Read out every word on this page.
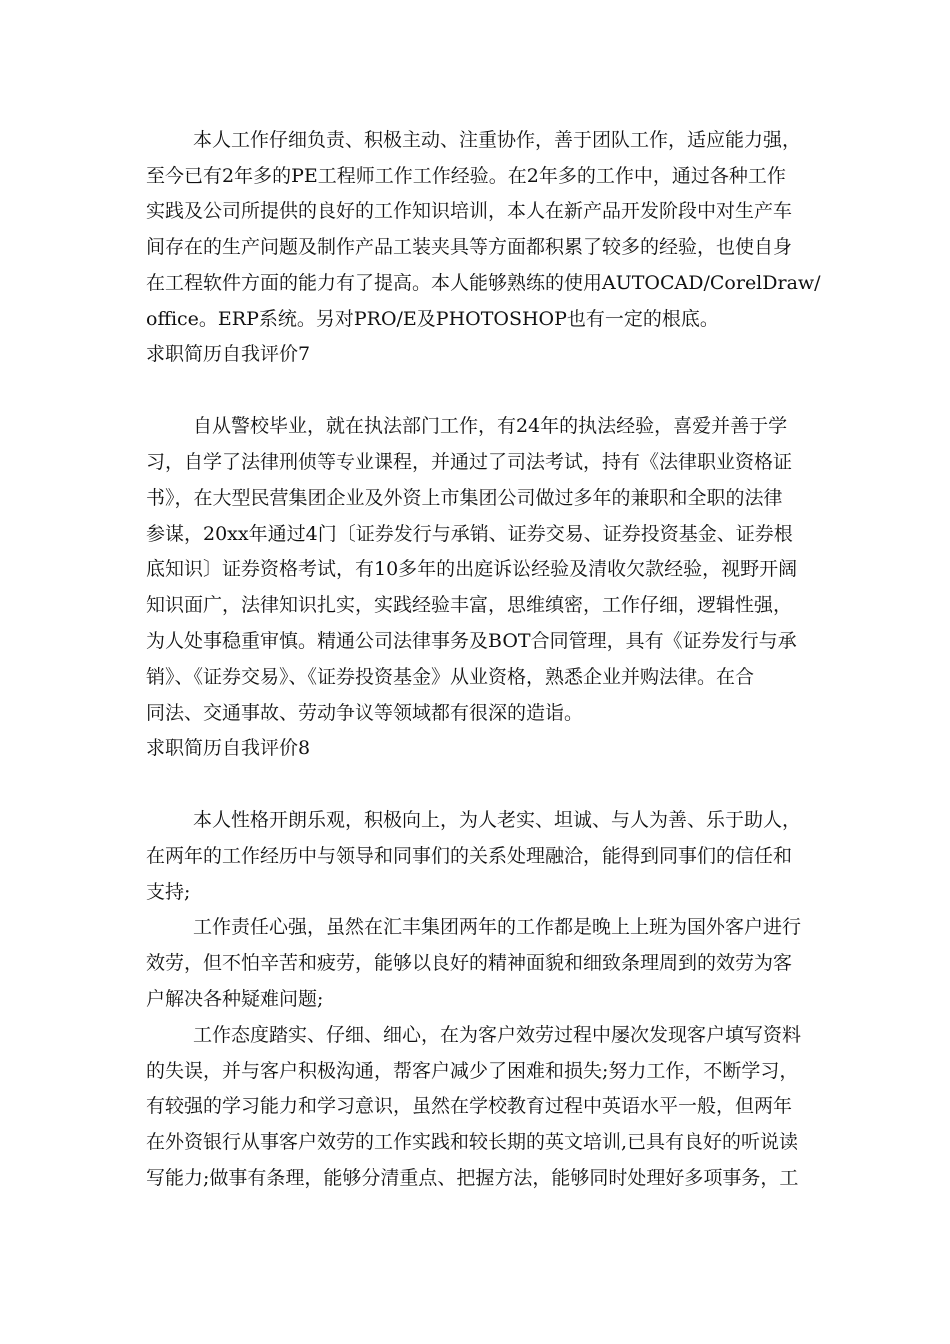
本人工作仔细负责、积极主动、注重协作，善于团队工作，适应能力强，

至今已有2年多的PE工程师工作工作经验。在2年多的工作中，通过各种工作

实践及公司所提供的良好的工作知识培训，本人在新产品开发阶段中对生产车

间存在的生产问题及制作产品工装夹具等方面都积累了较多的经验，也使自身

在工程软件方面的能力有了提高。本人能够熟练的使用AUTOCAD/CorelDraw/

office。ERP系统。另对PRO/E及PHOTOSHOP也有一定的根底。

求职简历自我评价7

自从警校毕业，就在执法部门工作，有24年的执法经验，喜爱并善于学

习，自学了法律刑侦等专业课程，并通过了司法考试，持有《法律职业资格证

书》，在大型民营集团企业及外资上市集团公司做过多年的兼职和全职的法律

参谋，20xx年通过4门〔证券发行与承销、证券交易、证券投资基金、证券根

底知识〕证券资格考试，有10多年的出庭诉讼经验及清收欠款经验，视野开阔

知识面广，法律知识扎实，实践经验丰富，思维缜密，工作仔细，逻辑性强，

为人处事稳重审慎。精通公司法律事务及BOT合同管理，具有《证券发行与承

销》、《证券交易》、《证券投资基金》从业资格，熟悉企业并购法律。在合

同法、交通事故、劳动争议等领域都有很深的造诣。

求职简历自我评价8

本人性格开朗乐观，积极向上，为人老实、坦诚、与人为善、乐于助人，

在两年的工作经历中与领导和同事们的关系处理融洽，能得到同事们的信任和

支持;

工作责任心强，虽然在汇丰集团两年的工作都是晚上上班为国外客户进行

效劳，但不怕辛苦和疲劳，能够以良好的精神面貌和细致条理周到的效劳为客

户解决各种疑难问题;

工作态度踏实、仔细、细心，在为客户效劳过程中屡次发现客户填写资料

的失误，并与客户积极沟通，帮客户减少了困难和损失;努力工作，不断学习，

有较强的学习能力和学习意识，虽然在学校教育过程中英语水平一般，但两年

在外资银行从事客户效劳的工作实践和较长期的英文培训,已具有良好的听说读

写能力;做事有条理，能够分清重点、把握方法，能够同时处理好多项事务，工
